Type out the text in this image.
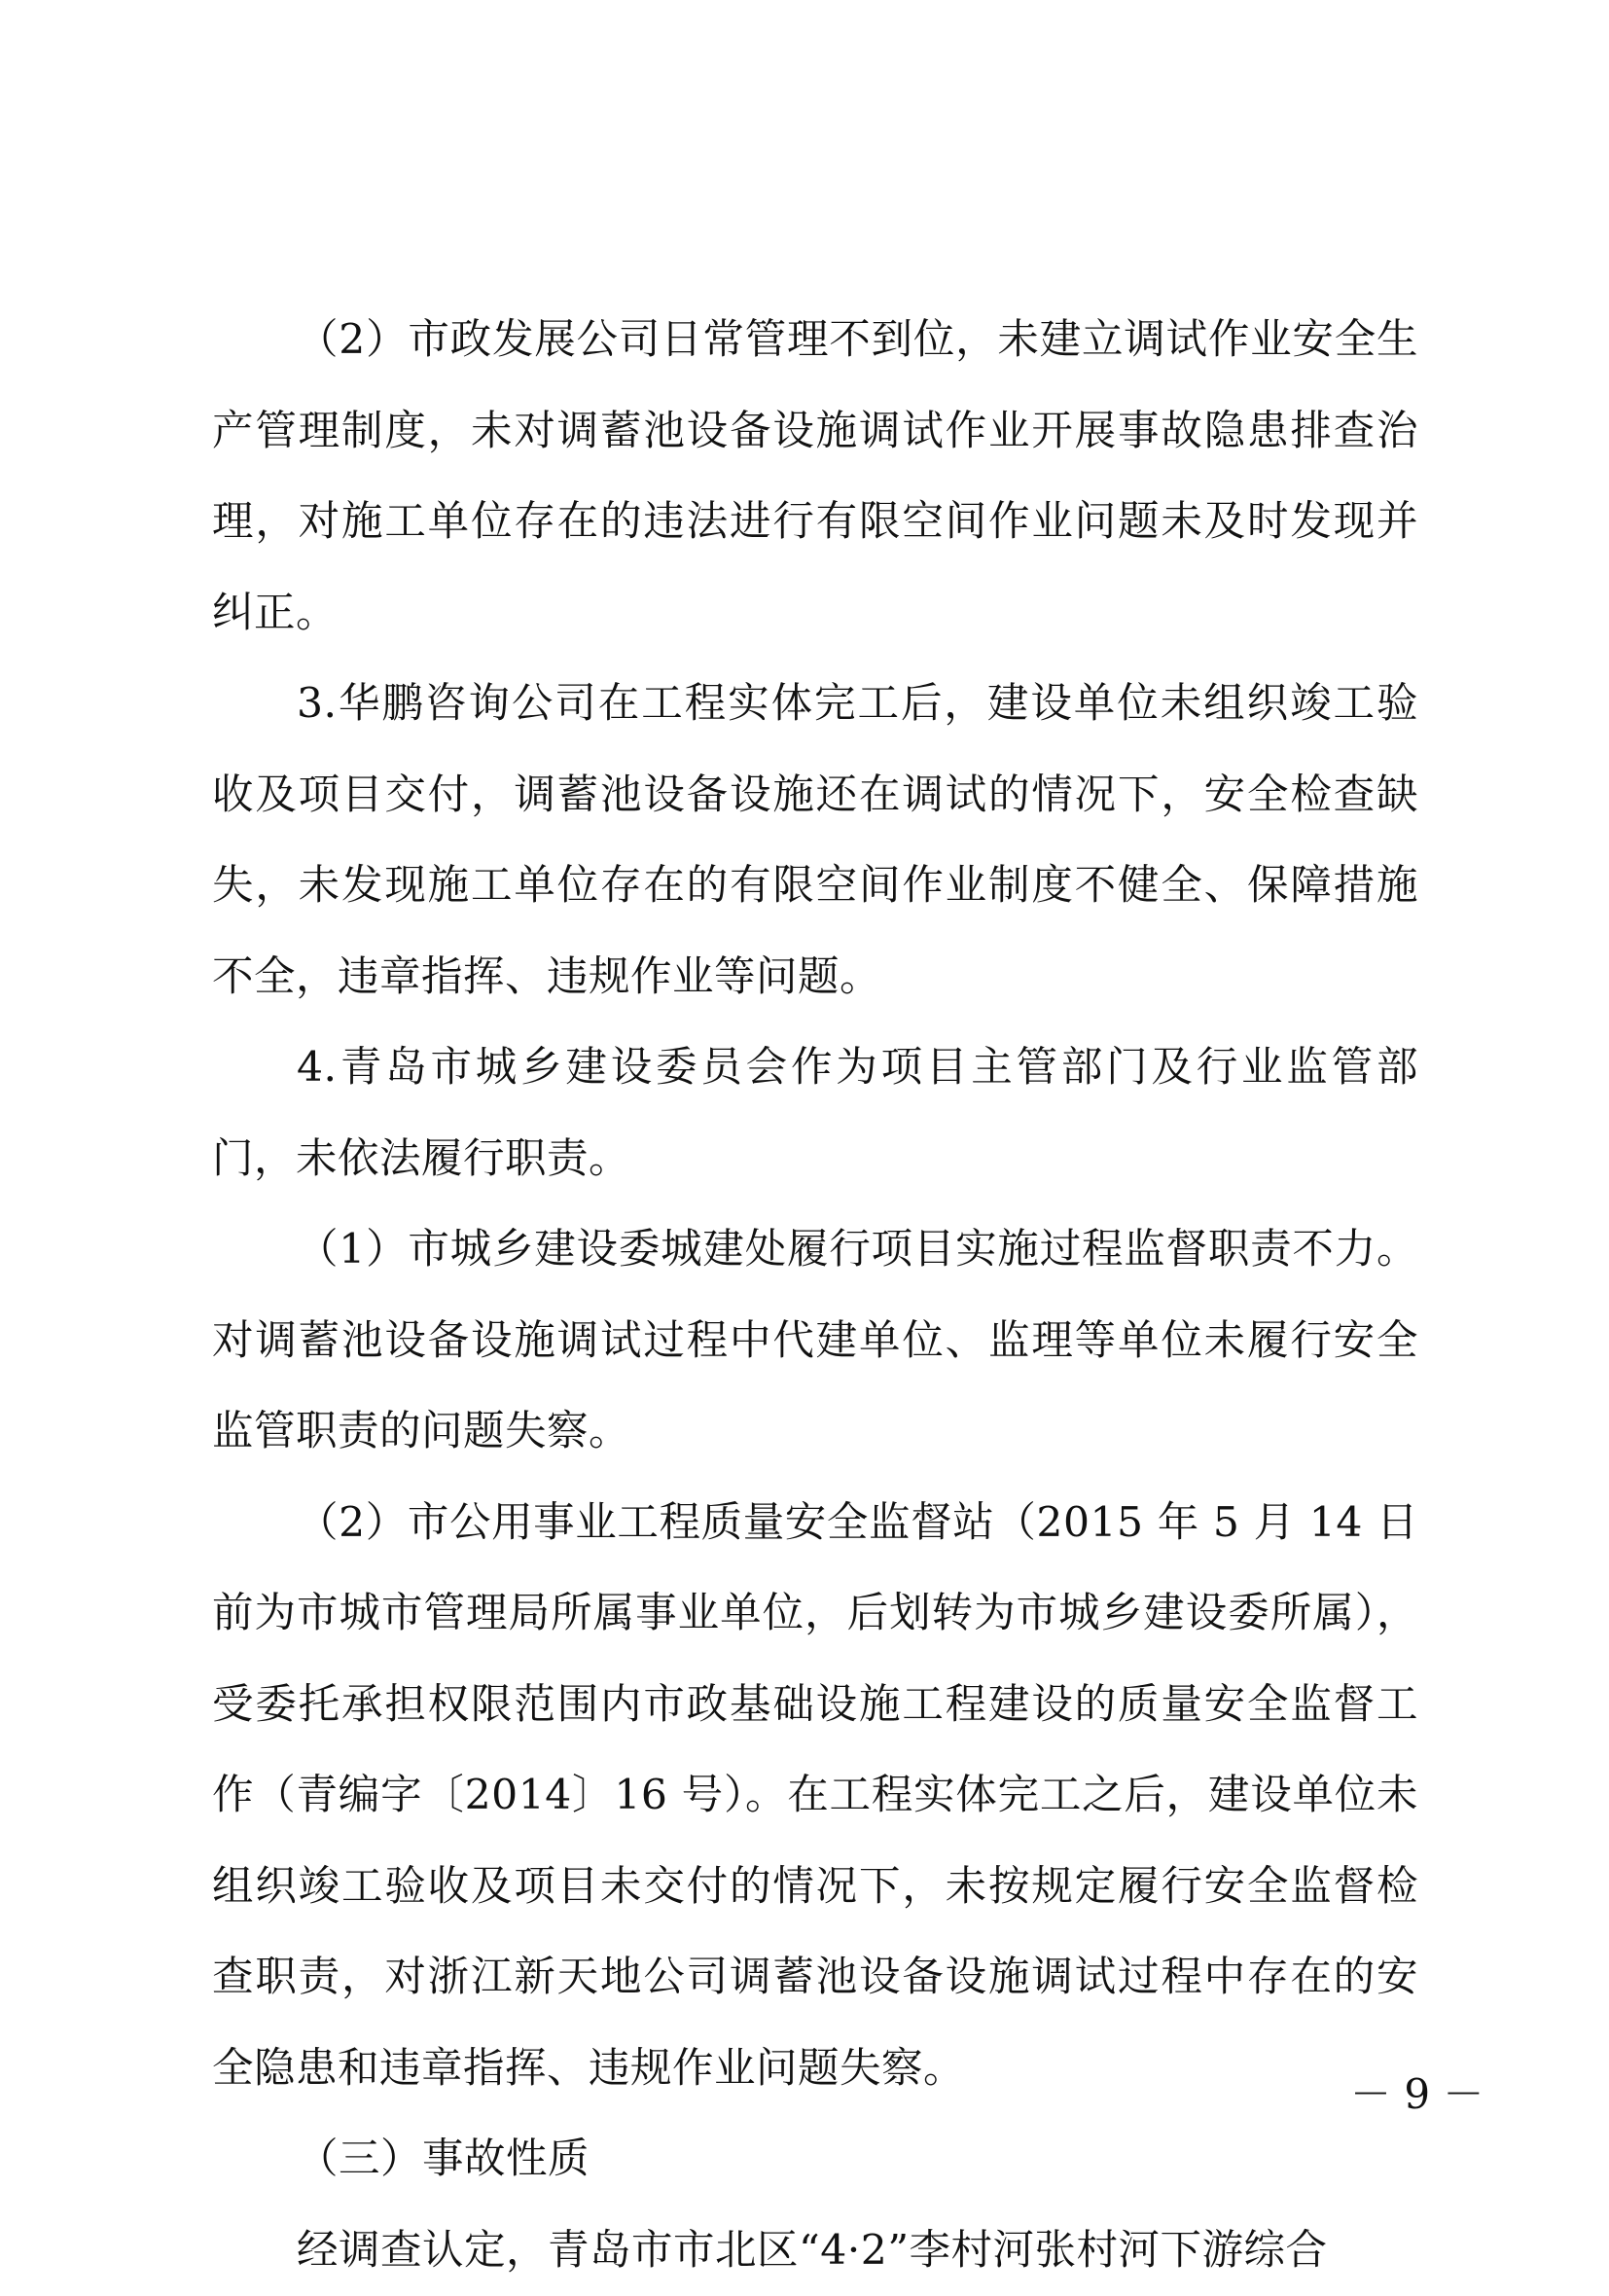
（2）市政发展公司日常管理不到位，未建立调试作业安全生产管理制度，未对调蓄池设备设施调试作业开展事故隐患排查治理，对施工单位存在的违法进行有限空间作业问题未及时发现并纠正。

3.华鹏咨询公司在工程实体完工后，建设单位未组织竣工验收及项目交付，调蓄池设备设施还在调试的情况下，安全检查缺失，未发现施工单位存在的有限空间作业制度不健全、保障措施不全，违章指挥、违规作业等问题。

4.青岛市城乡建设委员会作为项目主管部门及行业监管部门，未依法履行职责。

（1）市城乡建设委城建处履行项目实施过程监督职责不力。对调蓄池设备设施调试过程中代建单位、监理等单位未履行安全监管职责的问题失察。

（2）市公用事业工程质量安全监督站（2015 年 5 月 14 日前为市城市管理局所属事业单位，后划转为市城乡建设委所属），受委托承担权限范围内市政基础设施工程建设的质量安全监督工作（青编字〔2014〕16 号）。在工程实体完工之后，建设单位未组织竣工验收及项目未交付的情况下，未按规定履行安全监督检查职责，对浙江新天地公司调蓄池设备设施调试过程中存在的安全隐患和违章指挥、违规作业问题失察。

（三）事故性质

经调查认定，青岛市市北区“4·2”李村河张村河下游综合

－ 9 －
